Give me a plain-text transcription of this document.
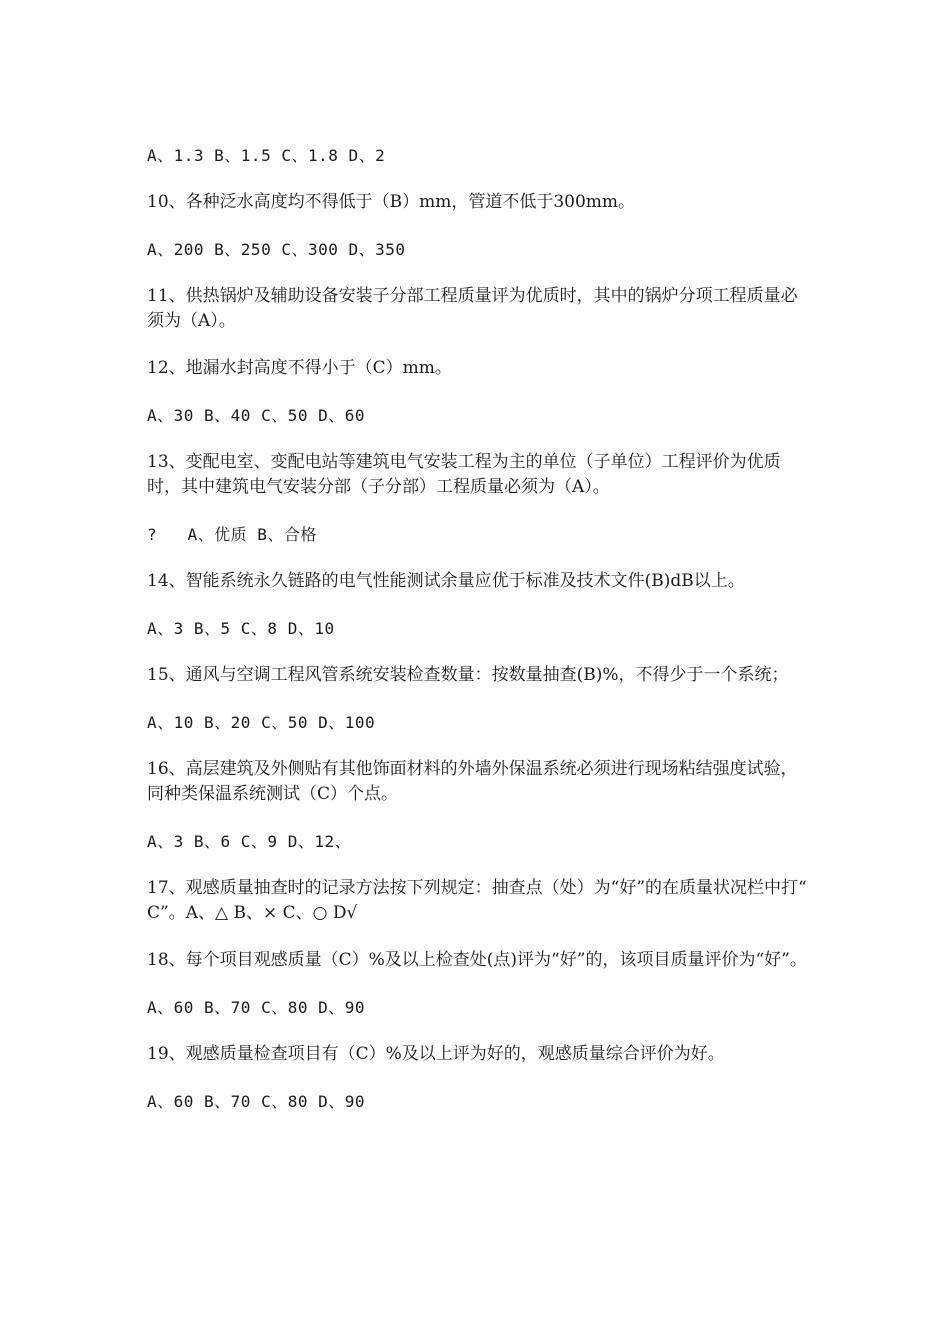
A、1.3 B、1.5 C、1.8 D、2

10、各种泛水高度均不得低于（B）mm，管道不低于300mm。

A、200 B、250 C、300 D、350

11、供热锅炉及辅助设备安装子分部工程质量评为优质时，其中的锅炉分项工程质量必须为（A）。

12、地漏水封高度不得小于（C）mm。

A、30 B、40 C、50 D、60

13、变配电室、变配电站等建筑电气安装工程为主的单位（子单位）工程评价为优质时，其中建筑电气安装分部（子分部）工程质量必须为（A）。

?   A、优质 B、合格

14、智能系统永久链路的电气性能测试余量应优于标准及技术文件(B)dB以上。

A、3 B、5 C、8 D、10

15、通风与空调工程风管系统安装检查数量：按数量抽查(B)%，不得少于一个系统；

A、10 B、20 C、50 D、100

16、高层建筑及外侧贴有其他饰面材料的外墙外保温系统必须进行现场粘结强度试验，同种类保温系统测试（C）个点。

A、3 B、6 C、9 D、12、

17、观感质量抽查时的记录方法按下列规定：抽查点（处）为“好”的在质量状况栏中打“ C”。A、△ B、× C、○ D√

18、每个项目观感质量（C）%及以上检查处(点)评为“好”的，该项目质量评价为“好”。

A、60 B、70 C、80 D、90

19、观感质量检查项目有（C）%及以上评为好的，观感质量综合评价为好。

A、60 B、70 C、80 D、90
